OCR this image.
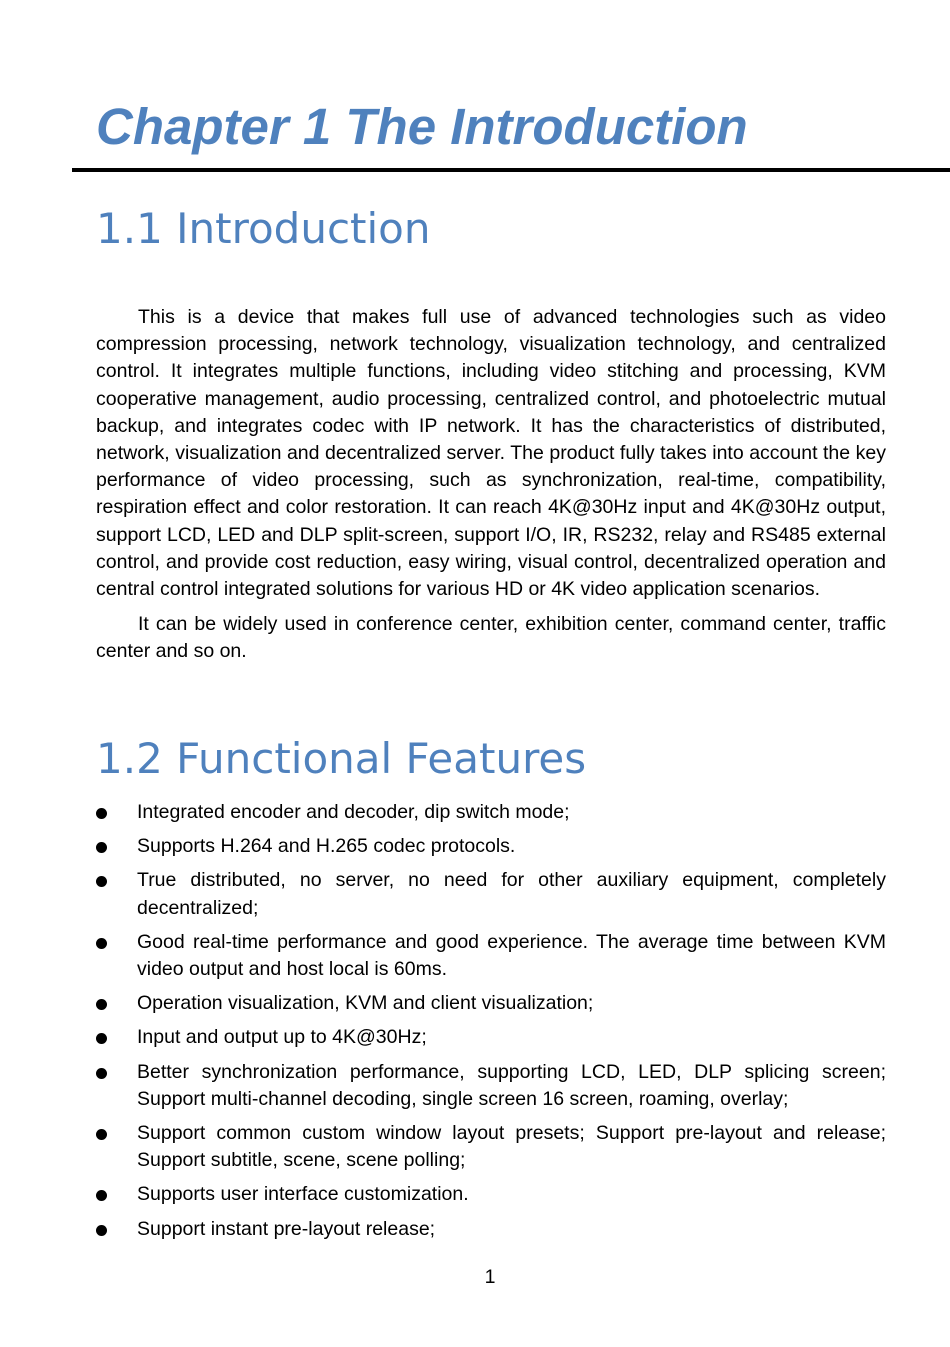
Chapter 1 The Introduction
1.1 Introduction

This is a device that makes full use of advanced technologies such as video compression processing, network technology, visualization technology, and centralized control. It integrates multiple functions, including video stitching and processing, KVM cooperative management, audio processing, centralized control, and photoelectric mutual backup, and integrates codec with IP network. It has the characteristics of distributed, network, visualization and decentralized server. The product fully takes into account the key performance of video processing, such as synchronization, real-time, compatibility, respiration effect and color restoration. It can reach 4K@30Hz input and 4K@30Hz output, support LCD, LED and DLP split-screen, support I/O, IR, RS232, relay and RS485 external control, and provide cost reduction, easy wiring, visual control, decentralized operation and central control integrated solutions for various HD or 4K video application scenarios.

It can be widely used in conference center, exhibition center, command center, traffic center and so on.

1.2 Functional Features
Integrated encoder and decoder, dip switch mode;
Supports H.264 and H.265 codec protocols.
True distributed, no server, no need for other auxiliary equipment, completely decentralized;
Good real-time performance and good experience. The average time between KVM video output and host local is 60ms.
Operation visualization, KVM and client visualization;
Input and output up to 4K@30Hz;
Better synchronization performance, supporting LCD, LED, DLP splicing screen; Support multi-channel decoding, single screen 16 screen, roaming, overlay;
Support common custom window layout presets; Support pre-layout and release; Support subtitle, scene, scene polling;
Supports user interface customization.
Support instant pre-layout release;
1
